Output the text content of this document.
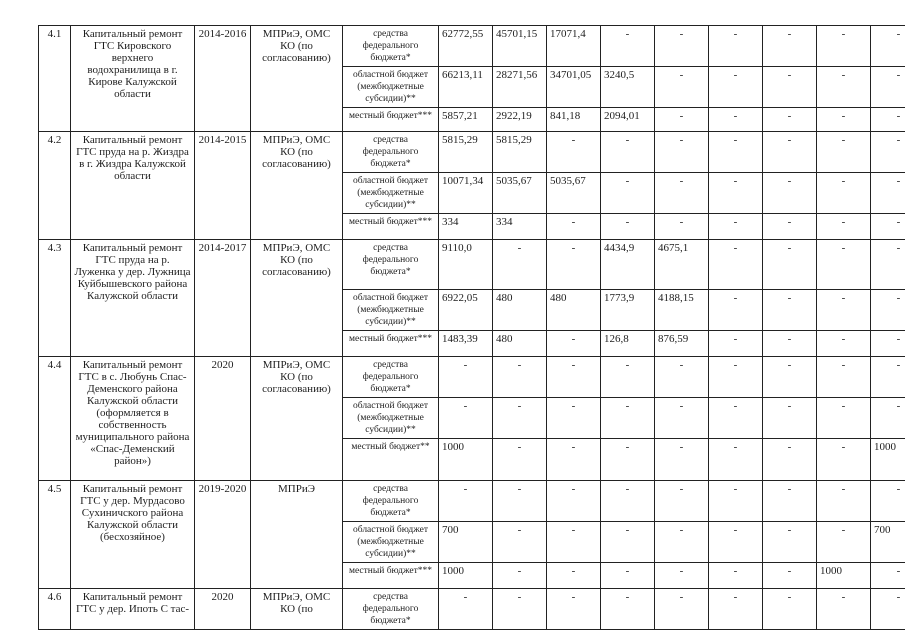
4.1	Капитальный ремонт ГТС Кировского верхнего водохранилища в г. Кирове Калужской области	2014-2016	МПРиЭ, ОМС КО (по согласованию)	средства федерального бюджета*	62772,55	45701,15	17071,4	-	-	-	-	-	-
				областной бюджет (межбюджетные субсидии)**	66213,11	28271,56	34701,05	3240,5	-	-	-	-	-
				местный бюджет***	5857,21	2922,19	841,18	2094,01	-	-	-	-	-
4.2	Капитальный ремонт ГТС пруда на р. Жиздра в г. Жиздра Калужской области	2014-2015	МПРиЭ, ОМС КО (по согласованию)	средства федерального бюджета*	5815,29	5815,29	-	-	-	-	-	-	-
				областной бюджет (межбюджетные субсидии)**	10071,34	5035,67	5035,67	-	-	-	-	-	-
				местный бюджет***	334	334	-	-	-	-	-	-	-
4.3	Капитальный ремонт ГТС пруда на р. Луженка у дер. Лужница Куйбышевского района Калужской области	2014-2017	МПРиЭ, ОМС КО (по согласованию)	средства федерального бюджета*	9110,0	-	-	4434,9	4675,1	-	-	-	-
				областной бюджет (межбюджетные субсидии)**	6922,05	480	480	1773,9	4188,15	-	-	-	-
				местный бюджет***	1483,39	480	-	126,8	876,59	-	-	-	-
4.4	Капитальный ремонт ГТС в с. Любунь Спас-Деменского района Калужской области (оформляется в собственность муниципального района «Спас-Деменский район»)	2020	МПРиЭ, ОМС КО (по согласованию)	средства федерального бюджета*	-	-	-	-	-	-	-	-	-
				областной бюджет (межбюджетные субсидии)**	-	-	-	-	-	-	-	-	-
				местный бюджет**	1000	-	-	-	-	-	-	-	1000
4.5	Капитальный ремонт ГТС у дер. Мурдасово Сухиничского района Калужской области (бесхозяйное)	2019-2020	МПРиЭ	средства федерального бюджета*	-	-	-	-	-	-	-	-	-
				областной бюджет (межбюджетные субсидии)**	700	-	-	-	-	-	-	-	700
				местный бюджет***	1000	-	-	-	-	-	-	1000	-
4.6	Капитальный ремонт ГТС у дер. Ипоть С тас-	2020	МПРиЭ, ОМС КО (по	средства федерального бюджета*	-	-	-	-	-	-	-	-	-
